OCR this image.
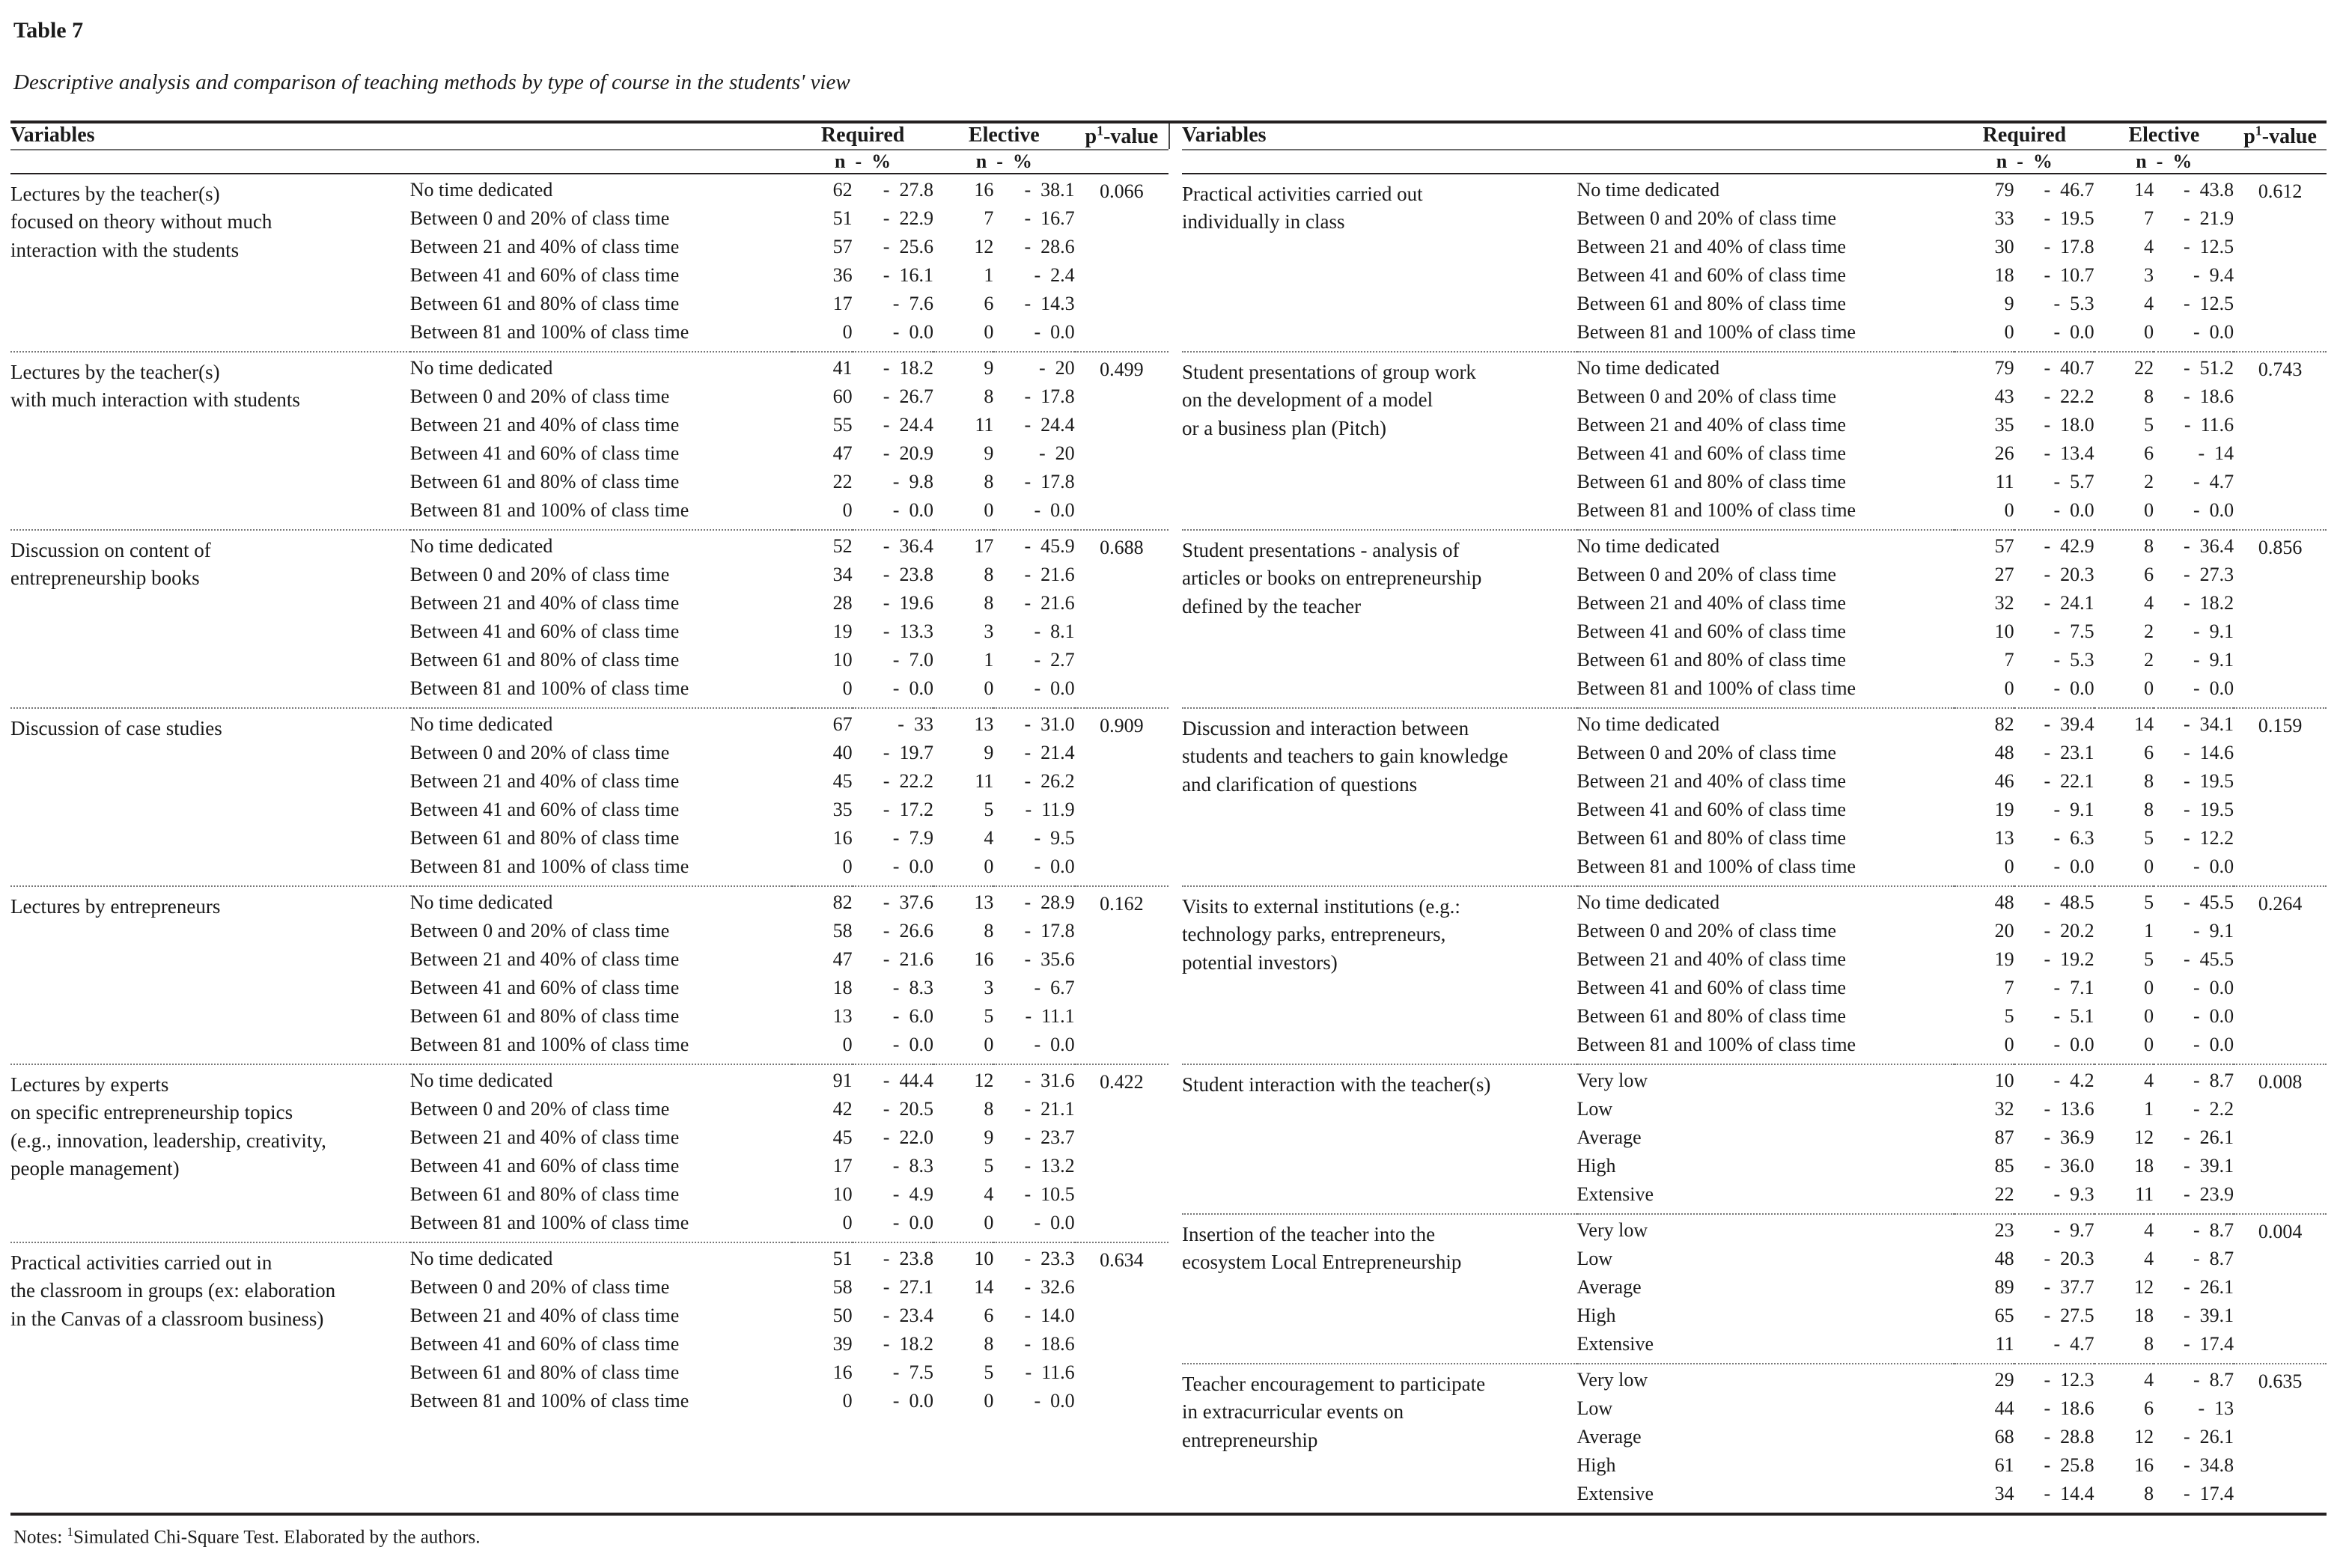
Table 7
Descriptive analysis and comparison of teaching methods by type of course in the students' view
Variables		Required		Elective		$p^1$-value

		n  -  %		n  -  %		

Lectures by the teacher(s)
focused on theory without much
interaction with the students	No time dedicated	62	- 27.8	16	- 38.1	0.066
	Between 0 and 20% of class time	51	- 22.9	7	- 16.7	
	Between 21 and 40% of class time	57	- 25.6	12	- 28.6	
	Between 41 and 60% of class time	36	- 16.1	1	- 2.4	
	Between 61 and 80% of class time	17	- 7.6	6	- 14.3	
	Between 81 and 100% of class time	0	- 0.0	0	- 0.0	

Lectures by the teacher(s)
with much interaction with students	No time dedicated	41	- 18.2	9	- 20	0.499
	Between 0 and 20% of class time	60	- 26.7	8	- 17.8	
	Between 21 and 40% of class time	55	- 24.4	11	- 24.4	
	Between 41 and 60% of class time	47	- 20.9	9	- 20	
	Between 61 and 80% of class time	22	- 9.8	8	- 17.8	
	Between 81 and 100% of class time	0	- 0.0	0	- 0.0	

Discussion on content of
entrepreneurship books	No time dedicated	52	- 36.4	17	- 45.9	0.688
	Between 0 and 20% of class time	34	- 23.8	8	- 21.6	
	Between 21 and 40% of class time	28	- 19.6	8	- 21.6	
	Between 41 and 60% of class time	19	- 13.3	3	- 8.1	
	Between 61 and 80% of class time	10	- 7.0	1	- 2.7	
	Between 81 and 100% of class time	0	- 0.0	0	- 0.0	

Discussion of case studies	No time dedicated	67	- 33	13	- 31.0	0.909
	Between 0 and 20% of class time	40	- 19.7	9	- 21.4	
	Between 21 and 40% of class time	45	- 22.2	11	- 26.2	
	Between 41 and 60% of class time	35	- 17.2	5	- 11.9	
	Between 61 and 80% of class time	16	- 7.9	4	- 9.5	
	Between 81 and 100% of class time	0	- 0.0	0	- 0.0	

Lectures by entrepreneurs	No time dedicated	82	- 37.6	13	- 28.9	0.162
	Between 0 and 20% of class time	58	- 26.6	8	- 17.8	
	Between 21 and 40% of class time	47	- 21.6	16	- 35.6	
	Between 41 and 60% of class time	18	- 8.3	3	- 6.7	
	Between 61 and 80% of class time	13	- 6.0	5	- 11.1	
	Between 81 and 100% of class time	0	- 0.0	0	- 0.0	

Lectures by experts
on specific entrepreneurship topics
(e.g., innovation, leadership, creativity,
people management)	No time dedicated	91	- 44.4	12	- 31.6	0.422
	Between 0 and 20% of class time	42	- 20.5	8	- 21.1	
	Between 21 and 40% of class time	45	- 22.0	9	- 23.7	
	Between 41 and 60% of class time	17	- 8.3	5	- 13.2	
	Between 61 and 80% of class time	10	- 4.9	4	- 10.5	
	Between 81 and 100% of class time	0	- 0.0	0	- 0.0	

Practical activities carried out in
the classroom in groups (ex: elaboration
in the Canvas of a classroom business)	No time dedicated	51	- 23.8	10	- 23.3	0.634
	Between 0 and 20% of class time	58	- 27.1	14	- 32.6	
	Between 21 and 40% of class time	50	- 23.4	6	- 14.0	
	Between 41 and 60% of class time	39	- 18.2	8	- 18.6	
	Between 61 and 80% of class time	16	- 7.5	5	- 11.6	
	Between 81 and 100% of class time	0	- 0.0	0	- 0.0	
Variables		Required		Elective		$p^1$-value

		n  -  %		n  -  %		

Practical activities carried out
individually in class	No time dedicated	79	- 46.7	14	- 43.8	0.612
	Between 0 and 20% of class time	33	- 19.5	7	- 21.9	
	Between 21 and 40% of class time	30	- 17.8	4	- 12.5	
	Between 41 and 60% of class time	18	- 10.7	3	- 9.4	
	Between 61 and 80% of class time	9	- 5.3	4	- 12.5	
	Between 81 and 100% of class time	0	- 0.0	0	- 0.0	

Student presentations of group work
on the development of a model
or a business plan (Pitch)	No time dedicated	79	- 40.7	22	- 51.2	0.743
	Between 0 and 20% of class time	43	- 22.2	8	- 18.6	
	Between 21 and 40% of class time	35	- 18.0	5	- 11.6	
	Between 41 and 60% of class time	26	- 13.4	6	- 14	
	Between 61 and 80% of class time	11	- 5.7	2	- 4.7	
	Between 81 and 100% of class time	0	- 0.0	0	- 0.0	

Student presentations - analysis of
articles or books on entrepreneurship
defined by the teacher	No time dedicated	57	- 42.9	8	- 36.4	0.856
	Between 0 and 20% of class time	27	- 20.3	6	- 27.3	
	Between 21 and 40% of class time	32	- 24.1	4	- 18.2	
	Between 41 and 60% of class time	10	- 7.5	2	- 9.1	
	Between 61 and 80% of class time	7	- 5.3	2	- 9.1	
	Between 81 and 100% of class time	0	- 0.0	0	- 0.0	

Discussion and interaction between
students and teachers to gain knowledge
and clarification of questions	No time dedicated	82	- 39.4	14	- 34.1	0.159
	Between 0 and 20% of class time	48	- 23.1	6	- 14.6	
	Between 21 and 40% of class time	46	- 22.1	8	- 19.5	
	Between 41 and 60% of class time	19	- 9.1	8	- 19.5	
	Between 61 and 80% of class time	13	- 6.3	5	- 12.2	
	Between 81 and 100% of class time	0	- 0.0	0	- 0.0	

Visits to external institutions (e.g.:
technology parks, entrepreneurs,
potential investors)	No time dedicated	48	- 48.5	5	- 45.5	0.264
	Between 0 and 20% of class time	20	- 20.2	1	- 9.1	
	Between 21 and 40% of class time	19	- 19.2	5	- 45.5	
	Between 41 and 60% of class time	7	- 7.1	0	- 0.0	
	Between 61 and 80% of class time	5	- 5.1	0	- 0.0	
	Between 81 and 100% of class time	0	- 0.0	0	- 0.0	

Student interaction with the teacher(s)	Very low	10	- 4.2	4	- 8.7	0.008
	Low	32	- 13.6	1	- 2.2	
	Average	87	- 36.9	12	- 26.1	
	High	85	- 36.0	18	- 39.1	
	Extensive	22	- 9.3	11	- 23.9	

Insertion of the teacher into the
ecosystem Local Entrepreneurship	Very low	23	- 9.7	4	- 8.7	0.004
	Low	48	- 20.3	4	- 8.7	
	Average	89	- 37.7	12	- 26.1	
	High	65	- 27.5	18	- 39.1	
	Extensive	11	- 4.7	8	- 17.4	

Teacher encouragement to participate
in extracurricular events on
entrepreneurship	Very low	29	- 12.3	4	- 8.7	0.635
	Low	44	- 18.6	6	- 13	
	Average	68	- 28.8	12	- 26.1	
	High	61	- 25.8	16	- 34.8	
	Extensive	34	- 14.4	8	- 17.4	
Notes: $^1$Simulated Chi-Square Test. Elaborated by the authors.
